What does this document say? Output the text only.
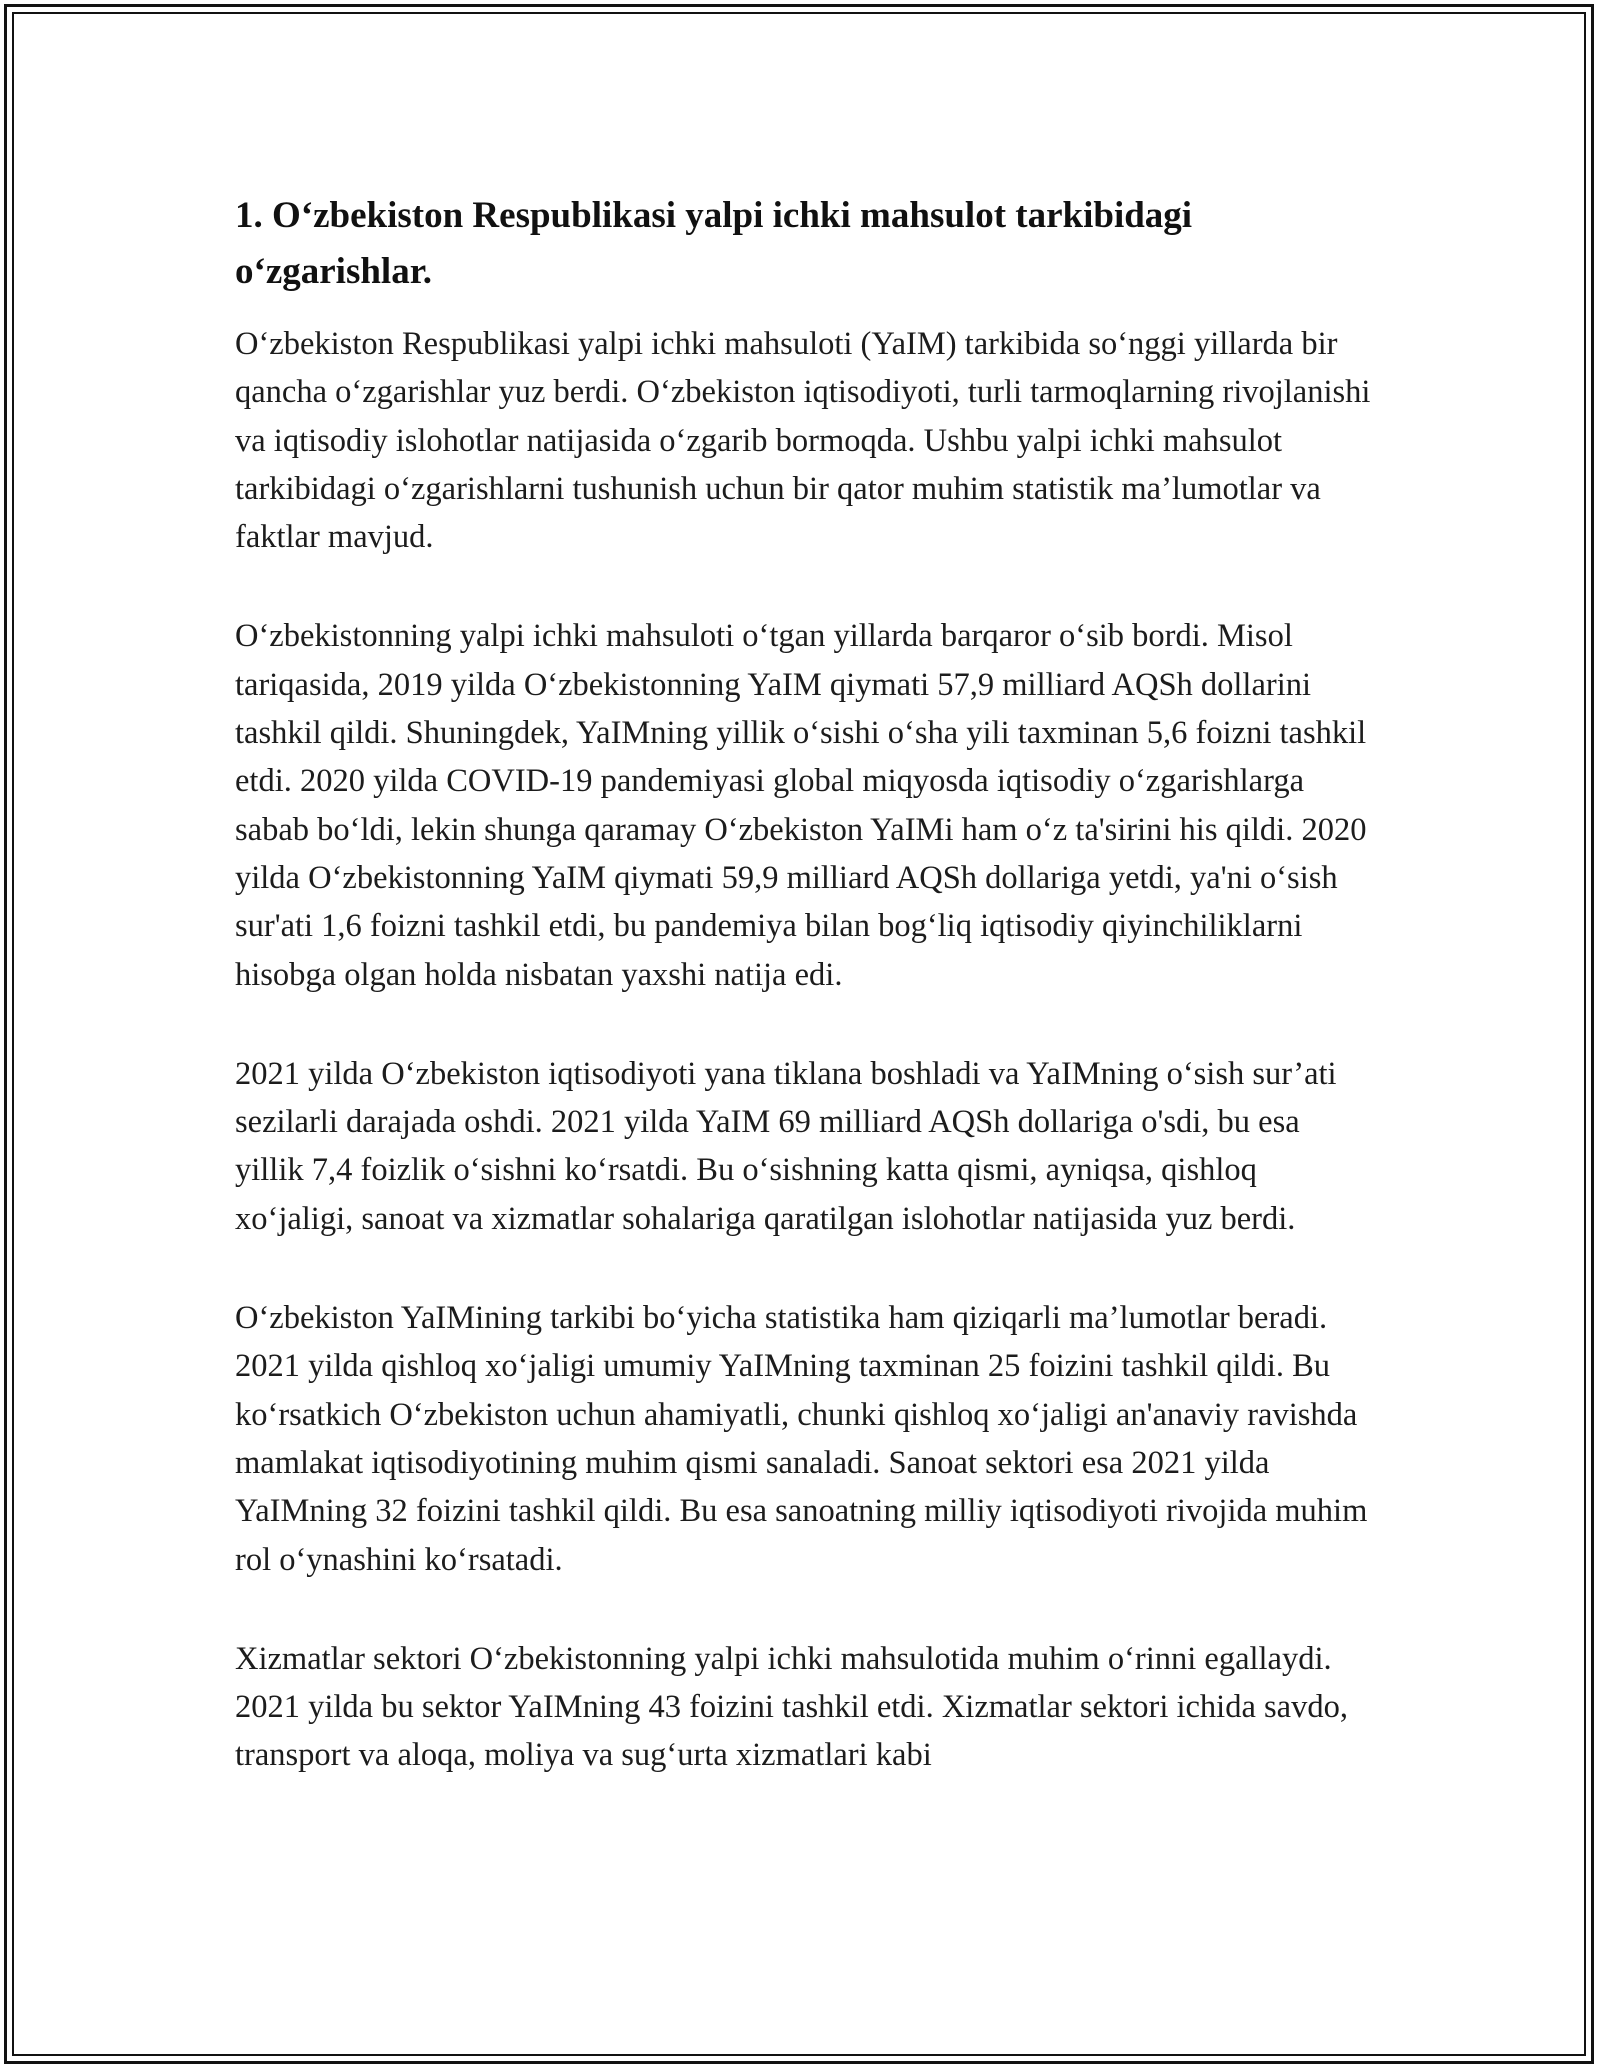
1. O‘zbekiston Respublikasi yalpi ichki mahsulot tarkibidagi o‘zgarishlar.

O‘zbekiston Respublikasi yalpi ichki mahsuloti (YaIM) tarkibida so‘nggi yillarda bir qancha o‘zgarishlar yuz berdi. O‘zbekiston iqtisodiyoti, turli tarmoqlarning rivojlanishi va iqtisodiy islohotlar natijasida o‘zgarib bormoqda. Ushbu yalpi ichki mahsulot tarkibidagi o‘zgarishlarni tushunish uchun bir qator muhim statistik ma’lumotlar va faktlar mavjud.

O‘zbekistonning yalpi ichki mahsuloti o‘tgan yillarda barqaror o‘sib bordi. Misol tariqasida, 2019 yilda O‘zbekistonning YaIM qiymati 57,9 milliard AQSh dollarini tashkil qildi. Shuningdek, YaIMning yillik o‘sishi o‘sha yili taxminan 5,6 foizni tashkil etdi. 2020 yilda COVID-19 pandemiyasi global miqyosda iqtisodiy o‘zgarishlarga sabab bo‘ldi, lekin shunga qaramay O‘zbekiston YaIMi ham o‘z ta'sirini his qildi. 2020 yilda O‘zbekistonning YaIM qiymati 59,9 milliard AQSh dollariga yetdi, ya'ni o‘sish sur'ati 1,6 foizni tashkil etdi, bu pandemiya bilan bog‘liq iqtisodiy qiyinchiliklarni hisobga olgan holda nisbatan yaxshi natija edi.

2021 yilda O‘zbekiston iqtisodiyoti yana tiklana boshladi va YaIMning o‘sish sur’ati sezilarli darajada oshdi. 2021 yilda YaIM 69 milliard AQSh dollariga o'sdi, bu esa yillik 7,4 foizlik o‘sishni ko‘rsatdi. Bu o‘sishning katta qismi, ayniqsa, qishloq xo‘jaligi, sanoat va xizmatlar sohalariga qaratilgan islohotlar natijasida yuz berdi.

O‘zbekiston YaIMining tarkibi bo‘yicha statistika ham qiziqarli ma’lumotlar beradi. 2021 yilda qishloq xo‘jaligi umumiy YaIMning taxminan 25 foizini tashkil qildi. Bu ko‘rsatkich O‘zbekiston uchun ahamiyatli, chunki qishloq xo‘jaligi an'anaviy ravishda mamlakat iqtisodiyotining muhim qismi sanaladi. Sanoat sektori esa 2021 yilda YaIMning 32 foizini tashkil qildi. Bu esa sanoatning milliy iqtisodiyoti rivojida muhim rol o‘ynashini ko‘rsatadi.

Xizmatlar sektori O‘zbekistonning yalpi ichki mahsulotida muhim o‘rinni egallaydi. 2021 yilda bu sektor YaIMning 43 foizini tashkil etdi. Xizmatlar sektori ichida savdo, transport va aloqa, moliya va sug‘urta xizmatlari kabi
